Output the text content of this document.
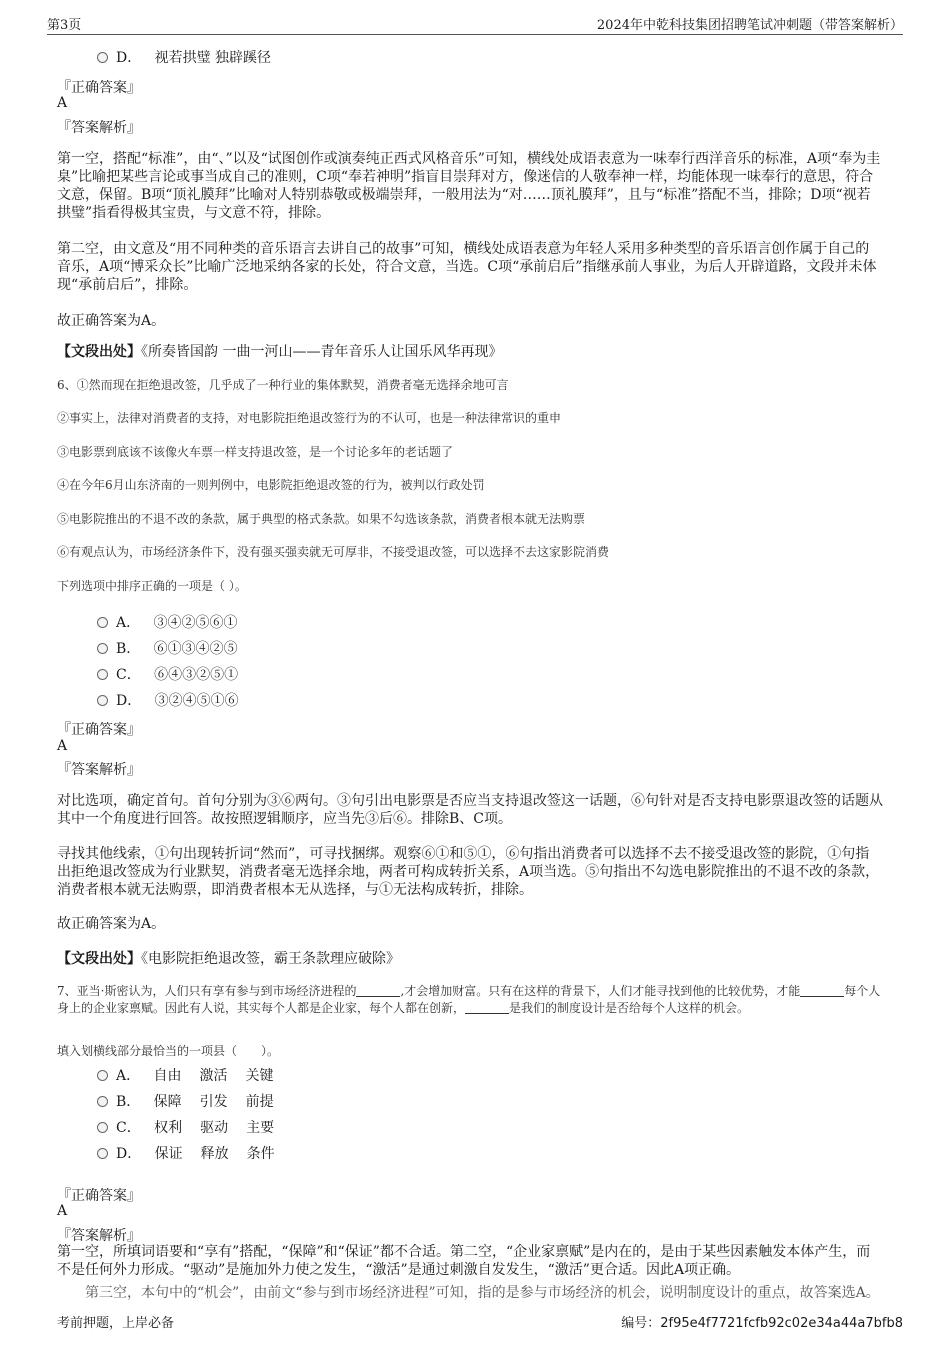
第3页	2024年中乾科技集团招聘笔试冲刺题（带答案解析）
D． 视若拱璧 独辟蹊径
『正确答案』
A
『答案解析』
第一空，搭配“标准”，由“、”以及“试图创作或演奏纯正西式风格音乐”可知，横线处成语表意为一味奉行西洋音乐的标准，A项“奉为圭臬”比喻把某些言论或事当成自己的准则，C项“奉若神明”指盲目崇拜对方，像迷信的人敬奉神一样，均能体现一味奉行的意思，符合文意，保留。B项“顶礼膜拜”比喻对人特别恭敬或极端崇拜，一般用法为“对……顶礼膜拜”，且与“标准”搭配不当，排除；D项“视若拱璧”指看得极其宝贵，与文意不符，排除。
第二空，由文意及“用不同种类的音乐语言去讲自己的故事”可知，横线处成语表意为年轻人采用多种类型的音乐语言创作属于自己的音乐，A项“博采众长”比喻广泛地采纳各家的长处，符合文意，当选。C项“承前启后”指继承前人事业，为后人开辟道路，文段并未体现“承前启后”，排除。
故正确答案为A。
【文段出处】《所奏皆国韵 一曲一河山——青年音乐人让国乐风华再现》
6、①然而现在拒绝退改签，几乎成了一种行业的集体默契，消费者毫无选择余地可言
②事实上，法律对消费者的支持，对电影院拒绝退改签行为的不认可，也是一种法律常识的重申
③电影票到底该不该像火车票一样支持退改签，是一个讨论多年的老话题了
④在今年6月山东济南的一则判例中，电影院拒绝退改签的行为，被判以行政处罚
⑤电影院推出的不退不改的条款，属于典型的格式条款。如果不勾选该条款，消费者根本就无法购票
⑥有观点认为，市场经济条件下，没有强买强卖就无可厚非，不接受退改签，可以选择不去这家影院消费
下列选项中排序正确的一项是（ ）。
A． ③④②⑤⑥①
B． ⑥①③④②⑤
C． ⑥④③②⑤①
D． ③②④⑤①⑥
『正确答案』
A
『答案解析』
对比选项，确定首句。首句分别为③⑥两句。③句引出电影票是否应当支持退改签这一话题，⑥句针对是否支持电影票退改签的话题从其中一个角度进行回答。故按照逻辑顺序，应当先③后⑥。排除B、C项。
寻找其他线索，①句出现转折词“然而”，可寻找捆绑。观察⑥①和⑤①，⑥句指出消费者可以选择不去不接受退改签的影院，①句指出拒绝退改签成为行业默契，消费者毫无选择余地，两者可构成转折关系，A项当选。⑤句指出不勾选电影院推出的不退不改的条款，消费者根本就无法购票，即消费者根本无从选择，与①无法构成转折，排除。
故正确答案为A。
【文段出处】《电影院拒绝退改签，霸王条款理应破除》
7、亚当·斯密认为，人们只有享有参与到市场经济进程的	,才会增加财富。只有在这样的背景下，人们才能寻找到他的比较优势，才能	每个人身上的企业家禀赋。因此有人说，其实每个人都是企业家，每个人都在创新，	是我们的制度设计是否给每个人这样的机会。
填入划横线部分最恰当的一项县（　　）。
A． 自由 激活 关键
B． 保障 引发 前提
C． 权利 驱动 主要
D． 保证 释放 条件
『正确答案』
A
『答案解析』
第一空，所填词语要和“享有”搭配，“保障”和“保证”都不合适。第二空，“企业家禀赋”是内在的，是由于某些因素触发本体产生，而不是任何外力形成。“驱动”是施加外力使之发生，“激活”是通过刺激自发发生，“激活”更合适。因此A项正确。
　　第三空，本句中的“机会”，由前文“参与到市场经济进程”可知，指的是参与市场经济的机会，说明制度设计的重点，故答案选A。
考前押题，上岸必备	编号：2f95e4f7721fcfb92c02e34a44a7bfb8
